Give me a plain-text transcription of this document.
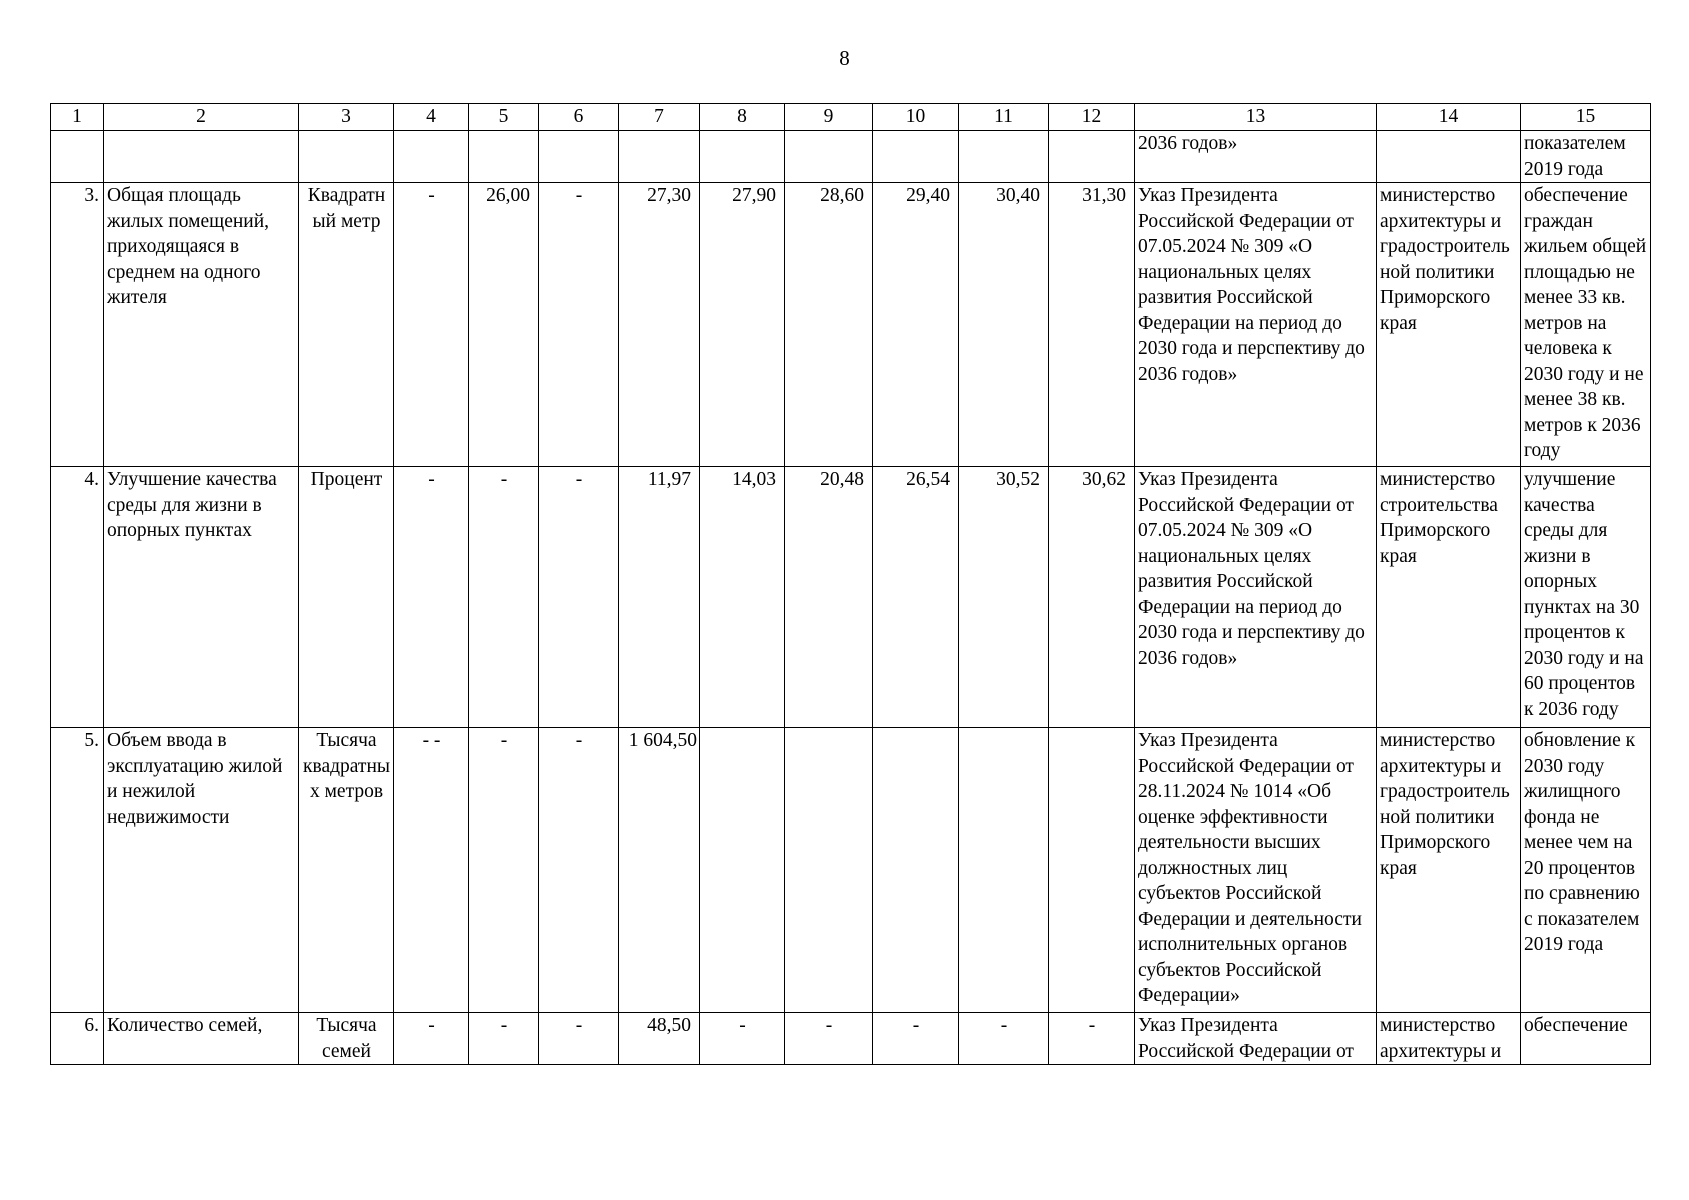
8
1	2	3	4	5	6	7	8	9	10	11	12	13	14	15
												2036 годов»		показателем 2019 года
3.	Общая площадь жилых помещений, приходящаяся в среднем на одного жителя	Квадратный метр	-	26,00	-	27,30	27,90	28,60	29,40	30,40	31,30	Указ Президента Российской Федерации от 07.05.2024 № 309 «О национальных целях развития Российской Федерации на период до 2030 года и перспективу до 2036 годов»	министерство архитектуры и градостроительной политики Приморского края	обеспечение граждан жильем общей площадью не менее 33 кв. метров на человека к 2030 году и не менее 38 кв. метров к 2036 году
4.	Улучшение качества среды для жизни в опорных пунктах	Процент	-	-	-	11,97	14,03	20,48	26,54	30,52	30,62	Указ Президента Российской Федерации от 07.05.2024 № 309 «О национальных целях развития Российской Федерации на период до 2030 года и перспективу до 2036 годов»	министерство строительства Приморского края	улучшение качества среды для жизни в опорных пунктах на 30 процентов к 2030 году и на 60 процентов к 2036 году
5.	Объем ввода в эксплуатацию жилой и нежилой недвижимости	Тысяча квадратных метров	- -	-	-	1 604,50						Указ Президента Российской Федерации от 28.11.2024 № 1014 «Об оценке эффективности деятельности высших должностных лиц субъектов Российской Федерации и деятельности исполнительных органов субъектов Российской Федерации»	министерство архитектуры и градостроительной политики Приморского края	обновление к 2030 году жилищного фонда не менее чем на 20 процентов по сравнению с показателем 2019 года
6.	Количество семей,	Тысяча семей	-	-	-	48,50	-	-	-	-	-	Указ Президента Российской Федерации от	министерство архитектуры и	обеспечение
